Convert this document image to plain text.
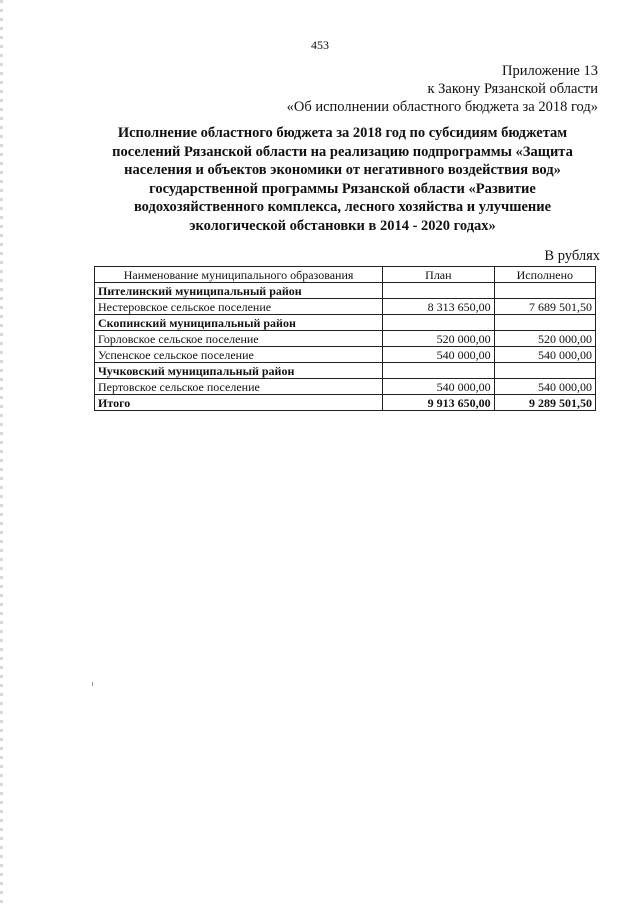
453
Приложение 13
к Закону Рязанской области
«Об исполнении областного бюджета за 2018 год»
Исполнение областного бюджета за 2018 год по субсидиям бюджетам
поселений Рязанской области на реализацию подпрограммы «Защита
населения и объектов экономики от негативного воздействия вод»
государственной программы Рязанской области «Развитие
водохозяйственного комплекса, лесного хозяйства и улучшение
экологической обстановки в 2014 - 2020 годах»
В рублях
Наименование муниципального образования	План	Исполнено
Пителинский муниципальный район		
Нестеровское сельское поселение	8 313 650,00	7 689 501,50
Скопинский муниципальный район		
Горловское сельское поселение	520 000,00	520 000,00
Успенское сельское поселение	540 000,00	540 000,00
Чучковский муниципальный район		
Пертовское сельское поселение	540 000,00	540 000,00
Итого	9 913 650,00	9 289 501,50
